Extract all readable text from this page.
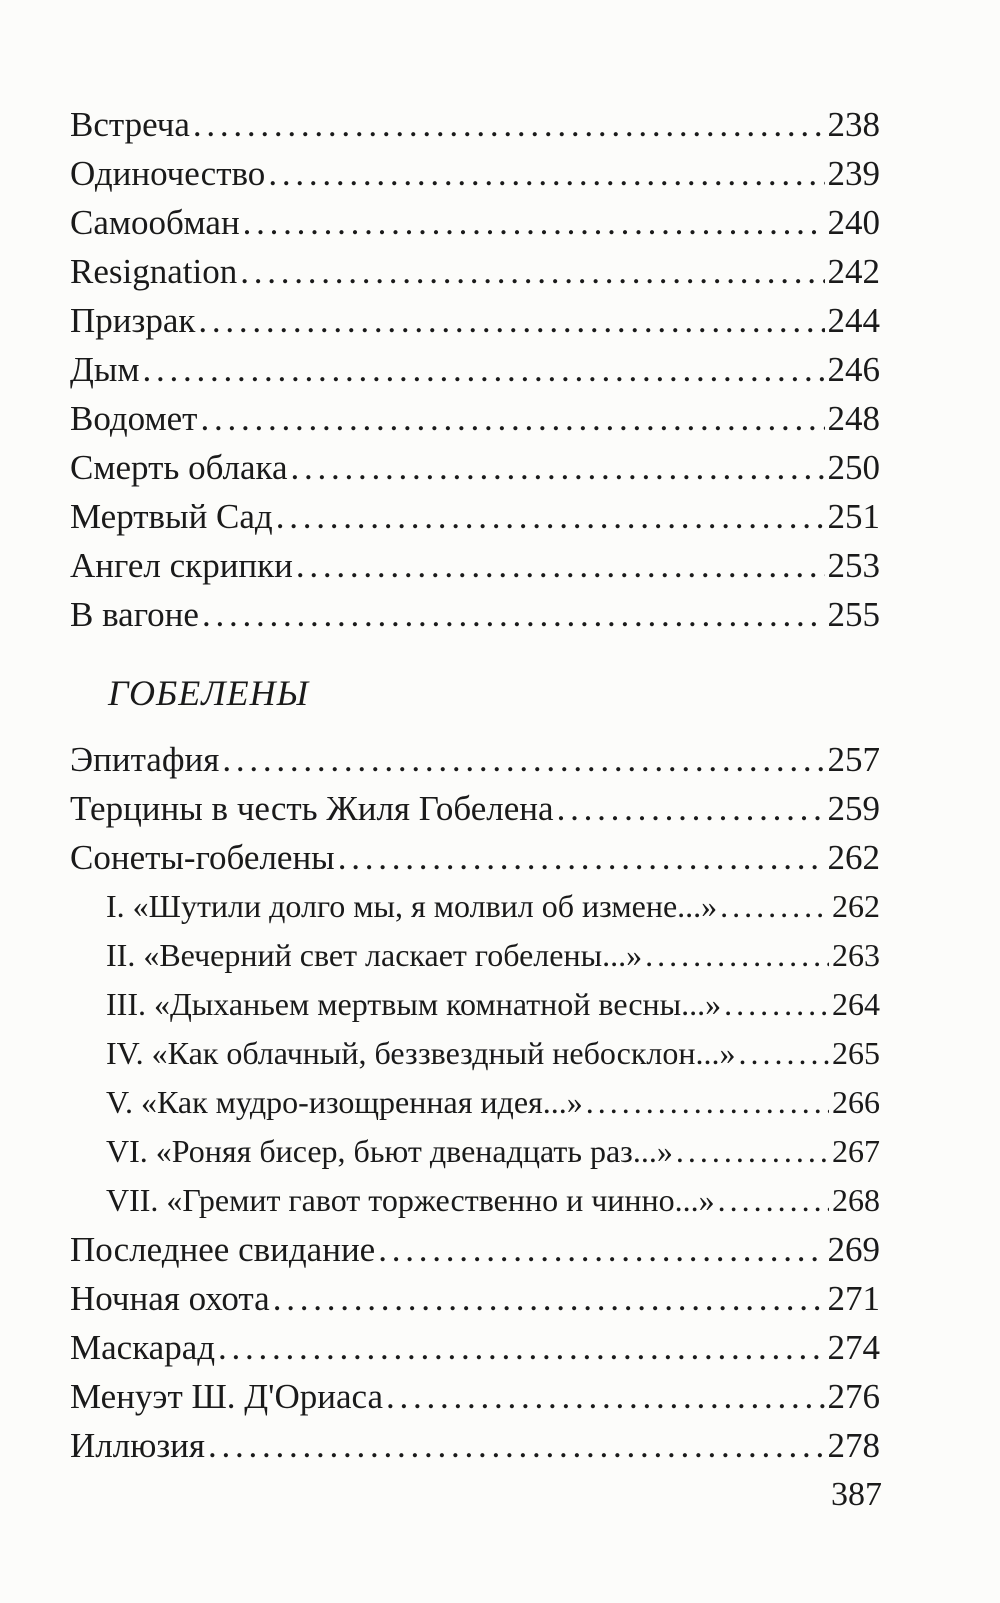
Встреча . . .	238
Одиночество . . .	239
Самообман . . .	240
Resignation . . .	242
Призрак . . .	244
Дым . . .	246
Водомет . . .	248
Смерть облака . . .	250
Мертвый Сад . . .	251
Ангел скрипки . . .	253
В вагоне . . .	255
ГОБЕЛЕНЫ
Эпитафия . . .	257
Терцины в честь Жиля Гобелена . . .	259
Сонеты-гобелены . . .	262
I. «Шутили долго мы, я молвил об измене...» . . .	262
II. «Вечерний свет ласкает гобелены...» . . .	263
III. «Дыханьем мертвым комнатной весны...» . . .	264
IV. «Как облачный, беззвездный небосклон...» . . .	265
V. «Как мудро-изощренная идея...» . . .	266
VI. «Роняя бисер, бьют двенадцать раз...» . . .	267
VII. «Гремит гавот торжественно и чинно...» . . .	268
Последнее свидание . . .	269
Ночная охота . . .	271
Маскарад . . .	274
Менуэт Ш. Д'Ориаса . . .	276
Иллюзия . . .	278
387
